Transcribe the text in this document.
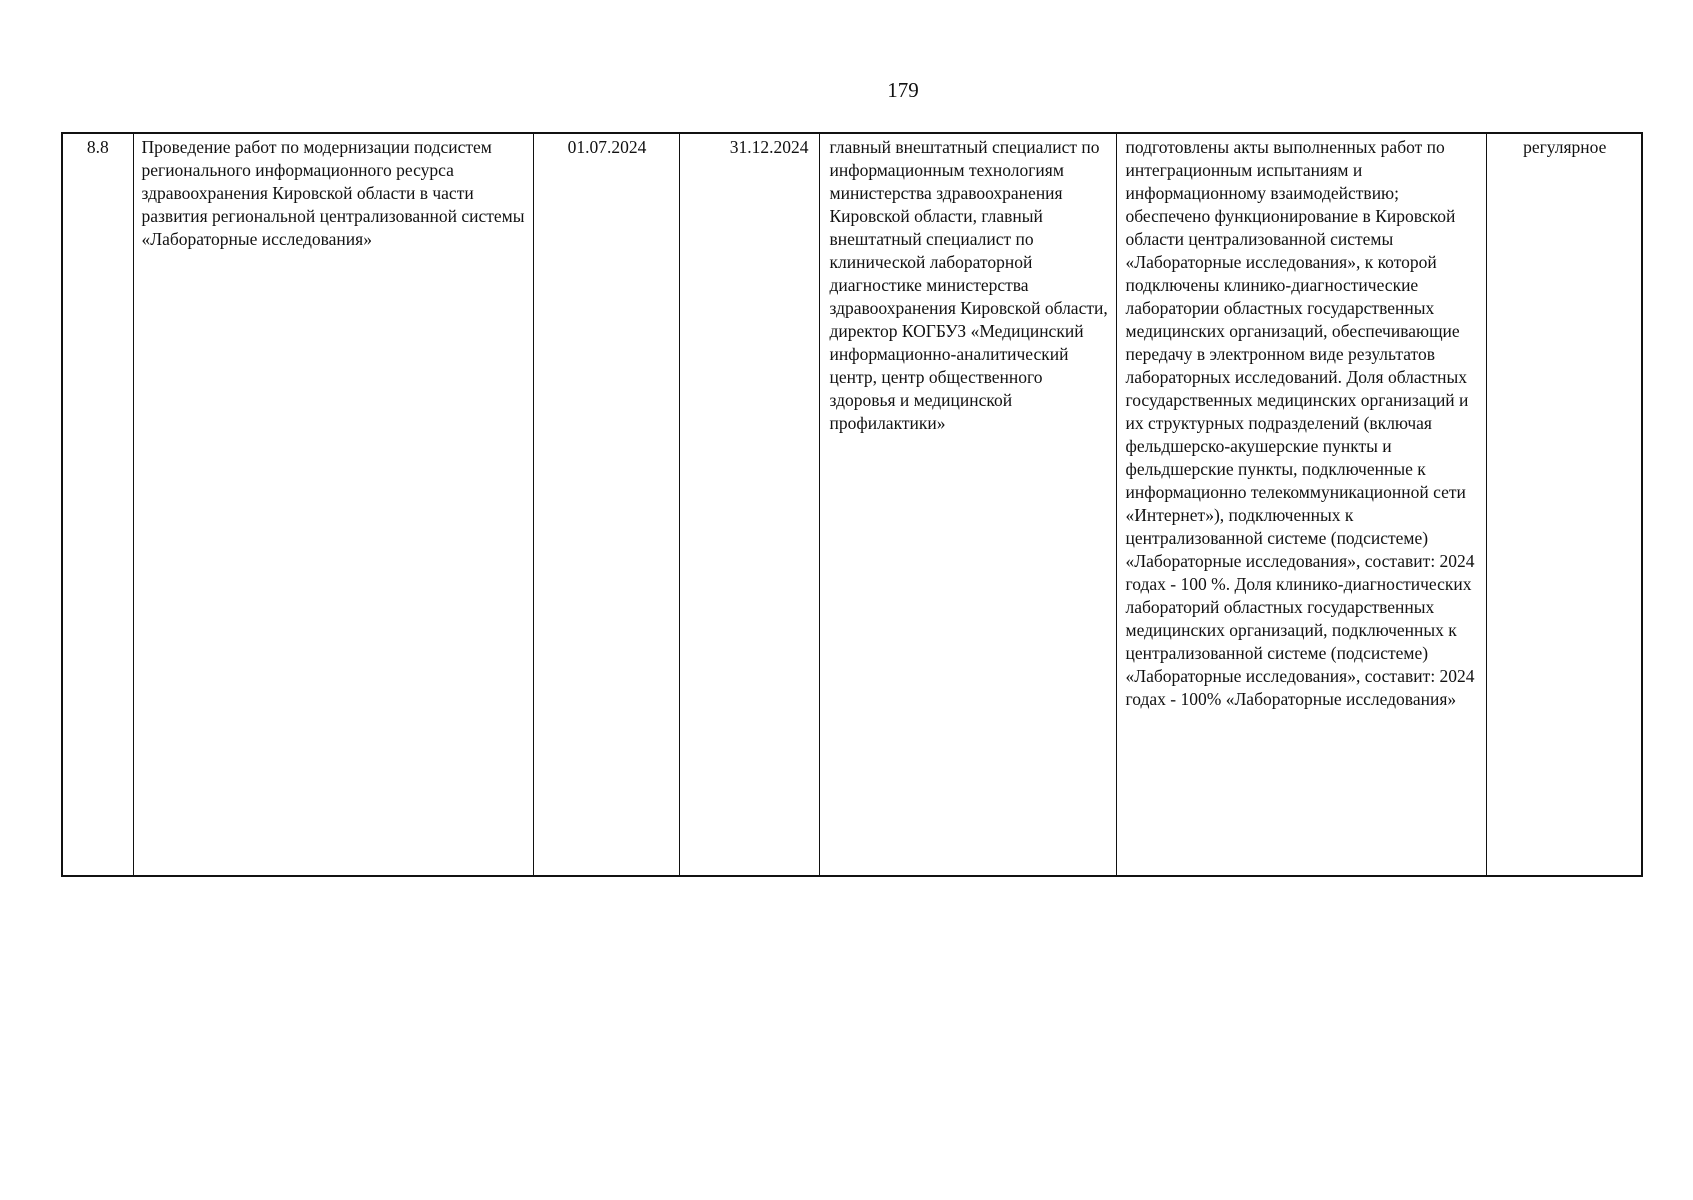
179
8.8	Проведение работ по модернизации подсистем регионального информационного ресурса здравоохранения Кировской области в части развития региональной централизованной системы «Лабораторные исследования»	01.07.2024	31.12.2024	главный внештатный специалист по информационным технологиям министерства здравоохранения Кировской области, главный внештатный специалист по клинической лабораторной диагностике министерства здравоохранения Кировской области, директор КОГБУЗ «Медицинский информационно-аналитический центр, центр общественного здоровья и медицинской профилактики»	подготовлены акты выполненных работ по интеграционным испытаниям и информационному взаимодействию; обеспечено функционирование в Кировской области централизованной системы «Лабораторные исследования», к которой подключены клинико-диагностические лаборатории областных государственных медицинских организаций, обеспечивающие передачу в электронном виде результатов лабораторных исследований. Доля областных государственных медицинских организаций и их структурных подразделений (включая фельдшерско-акушерские пункты и фельдшерские пункты, подключенные к информационно телекоммуникационной сети «Интернет»), подключенных к централизованной системе (подсистеме) «Лабораторные исследования», составит: 2024 годах - 100 %. Доля клинико-диагностических лабораторий областных государственных медицинских организаций, подключенных к централизованной системе (подсистеме) «Лабораторные исследования», составит: 2024 годах - 100% «Лабораторные исследования»	регулярное
